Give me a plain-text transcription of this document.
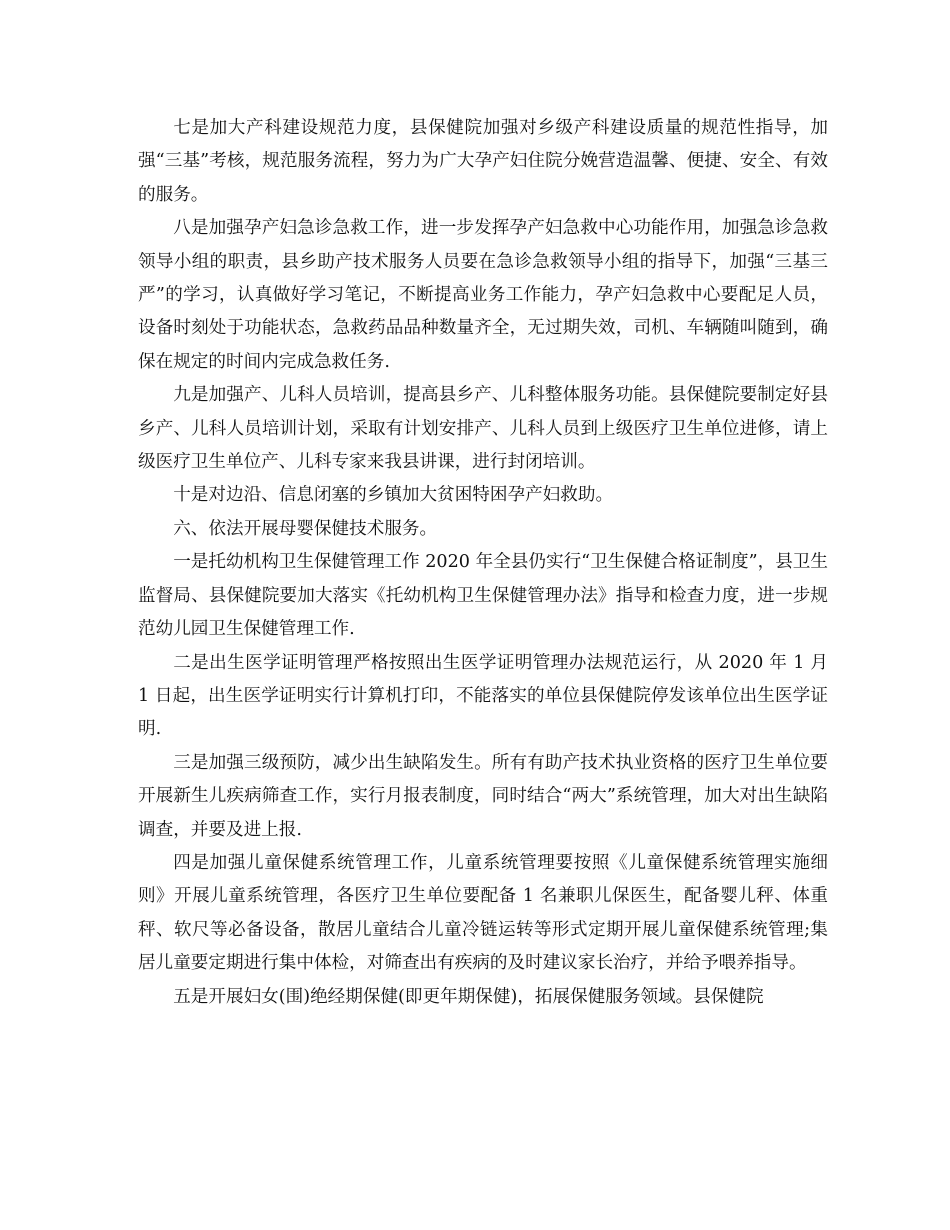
七是加大产科建设规范力度，县保健院加强对乡级产科建设质量的规范性指导，加强“三基”考核，规范服务流程，努力为广大孕产妇住院分娩营造温馨、便捷、安全、有效的服务。

八是加强孕产妇急诊急救工作，进一步发挥孕产妇急救中心功能作用，加强急诊急救领导小组的职责，县乡助产技术服务人员要在急诊急救领导小组的指导下，加强“三基三严”的学习，认真做好学习笔记，不断提高业务工作能力，孕产妇急救中心要配足人员，设备时刻处于功能状态，急救药品品种数量齐全，无过期失效，司机、车辆随叫随到，确保在规定的时间内完成急救任务.

九是加强产、儿科人员培训，提高县乡产、儿科整体服务功能。县保健院要制定好县乡产、儿科人员培训计划，采取有计划安排产、儿科人员到上级医疗卫生单位进修，请上级医疗卫生单位产、儿科专家来我县讲课，进行封闭培训。

十是对边沿、信息闭塞的乡镇加大贫困特困孕产妇救助。

六、依法开展母婴保健技术服务。

一是托幼机构卫生保健管理工作 2020 年全县仍实行“卫生保健合格证制度”，县卫生监督局、县保健院要加大落实《托幼机构卫生保健管理办法》指导和检查力度，进一步规范幼儿园卫生保健管理工作.

二是出生医学证明管理严格按照出生医学证明管理办法规范运行，从 2020 年 1 月 1 日起，出生医学证明实行计算机打印，不能落实的单位县保健院停发该单位出生医学证明.

三是加强三级预防，减少出生缺陷发生。所有有助产技术执业资格的医疗卫生单位要开展新生儿疾病筛查工作，实行月报表制度，同时结合“两大”系统管理，加大对出生缺陷调查，并要及进上报.

四是加强儿童保健系统管理工作，儿童系统管理要按照《儿童保健系统管理实施细则》开展儿童系统管理，各医疗卫生单位要配备 1 名兼职儿保医生，配备婴儿秤、体重秤、软尺等必备设备，散居儿童结合儿童冷链运转等形式定期开展儿童保健系统管理;集居儿童要定期进行集中体检，对筛查出有疾病的及时建议家长治疗，并给予喂养指导。

五是开展妇女(围)绝经期保健(即更年期保健)，拓展保健服务领域。县保健院
